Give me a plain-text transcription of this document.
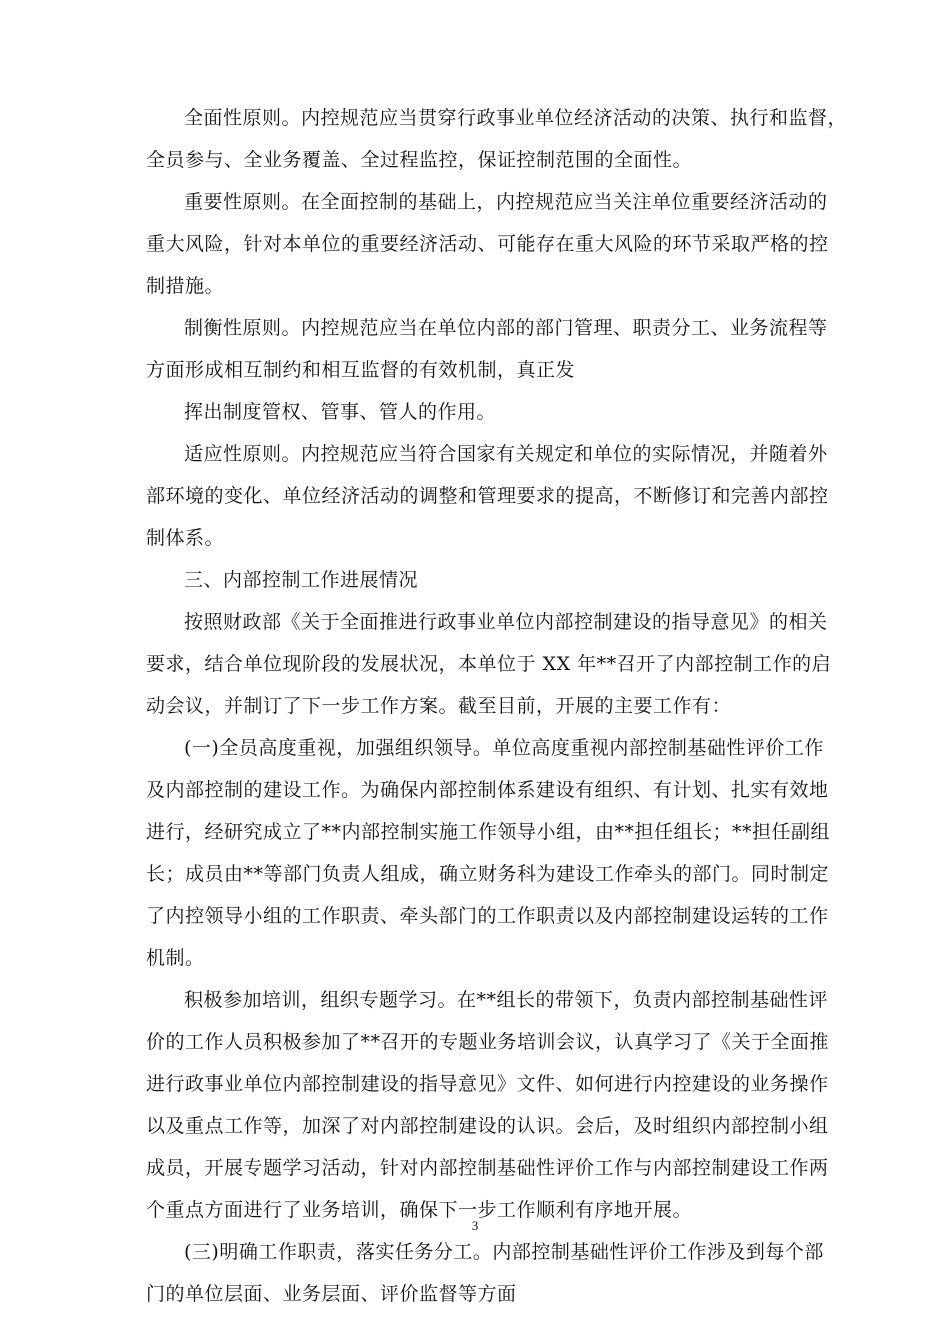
全面性原则。内控规范应当贯穿行政事业单位经济活动的决策、执行和监督，
全员参与、全业务覆盖、全过程监控，保证控制范围的全面性。
重要性原则。在全面控制的基础上，内控规范应当关注单位重要经济活动的
重大风险，针对本单位的重要经济活动、可能存在重大风险的环节采取严格的控
制措施。
制衡性原则。内控规范应当在单位内部的部门管理、职责分工、业务流程等
方面形成相互制约和相互监督的有效机制，真正发
挥出制度管权、管事、管人的作用。
适应性原则。内控规范应当符合国家有关规定和单位的实际情况，并随着外
部环境的变化、单位经济活动的调整和管理要求的提高，不断修订和完善内部控
制体系。
三、内部控制工作进展情况
按照财政部《关于全面推进行政事业单位内部控制建设的指导意见》的相关
要求，结合单位现阶段的发展状况，本单位于 XX 年**召开了内部控制工作的启
动会议，并制订了下一步工作方案。截至目前，开展的主要工作有：
(一)全员高度重视，加强组织领导。单位高度重视内部控制基础性评价工作
及内部控制的建设工作。为确保内部控制体系建设有组织、有计划、扎实有效地
进行，经研究成立了**内部控制实施工作领导小组，由**担任组长；**担任副组
长；成员由**等部门负责人组成，确立财务科为建设工作牵头的部门。同时制定
了内控领导小组的工作职责、牵头部门的工作职责以及内部控制建设运转的工作
机制。
积极参加培训，组织专题学习。在**组长的带领下，负责内部控制基础性评
价的工作人员积极参加了**召开的专题业务培训会议，认真学习了《关于全面推
进行政事业单位内部控制建设的指导意见》文件、如何进行内控建设的业务操作
以及重点工作等，加深了对内部控制建设的认识。会后，及时组织内部控制小组
成员，开展专题学习活动，针对内部控制基础性评价工作与内部控制建设工作两
个重点方面进行了业务培训，确保下一步工作顺利有序地开展。
(三)明确工作职责，落实任务分工。内部控制基础性评价工作涉及到每个部
门的单位层面、业务层面、评价监督等方面
3
